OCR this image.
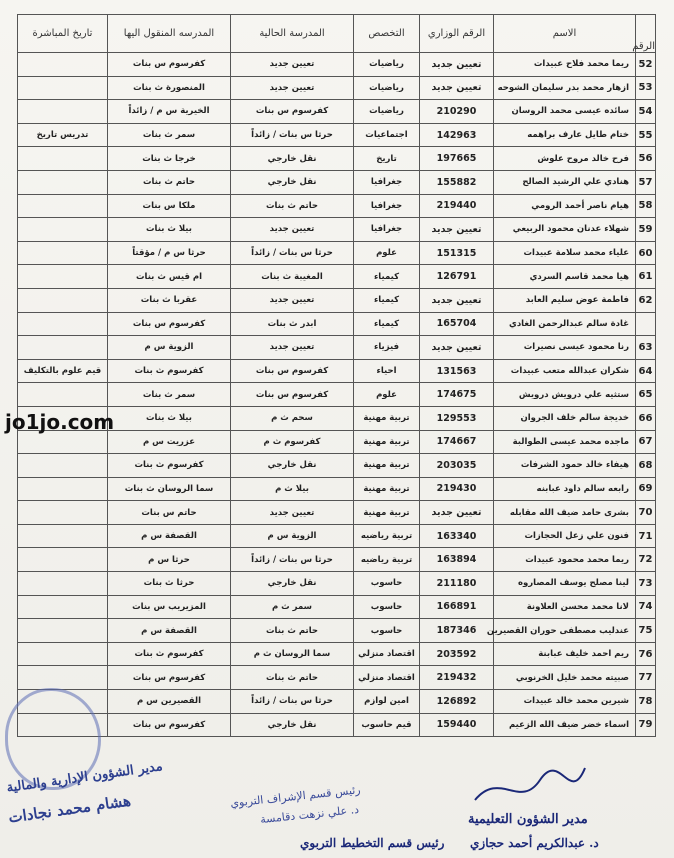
الرقم	الاسم	الرقم الوزاري	التخصص	المدرسة الحالية	المدرسه المنقول اليها	تاريخ المباشرة
52	ريما محمد فلاح عبيدات	تعيين جديد	رياضيات	تعيين جديد	كفرسوم س بنات	
53	ازهار محمد بدر سليمان الشوحه	تعيين جديد	رياضيات	تعيين جديد	المنصورة ث بنات	
54	سائده عيسى محمد الروسان	210290	رياضيات	كفرسوم س بنات	الخيرية س م / زائداً	
55	ختام طايل عارف براهمه	142963	اجتماعيات	حرثا س بنات / زائداً	سمر ث بنات	تدريس تاريخ
56	فرح خالد مروح علوش	197665	تاريخ	نقل خارجي	خرجا ث بنات	
57	هنادي علي الرشيد الصالح	155882	جغرافيا	نقل خارجي	حاتم ث بنات	
58	هيام ناصر أحمد الرومي	219440	جغرافيا	حاتم ث بنات	ملكا س بنات	
59	شهلاء عدنان محمود الربيعي	تعيين جديد	جغرافيا	تعيين جديد	بيلا ث بنات	
60	علياء محمد سلامة عبيدات	151315	علوم	حرثا س بنات / زائداً	حرثا س م / مؤقتاً	
61	هيا محمد قاسم السردي	126791	كيمياء	المغيبة ث بنات	ام قيس ث بنات	
62	فاطمة عوض سليم العابد	تعيين جديد	كيمياء	تعيين جديد	عقربا ث بنات	
	غادة سالم عبدالرحمن الغادي	165704	كيمياء	ابدر ث بنات	كفرسوم س بنات	
63	رنا محمود عيسى نصيرات	تعيين جديد	فيزياء	تعيين جديد	الزوية س م	
64	شكران عبدالله متعب عبيدات	131563	احياء	كفرسوم س بنات	كفرسوم ث بنات	قيم علوم بالتكليف
65	ستثيه علي درويش درويش	174675	علوم	كفرسوم س بنات	سمر ث بنات	
66	خديجة سالم خلف الجروان	129553	تربية مهنية	سحم ث م	بيلا ث بنات	
67	ماجده محمد عيسى الطوالبة	174667	تربية مهنية	كفرسوم ث م	عزريت س م	
68	هيفاء خالد حمود الشرفات	203035	تربية مهنية	نقل خارجي	كفرسوم ث بنات	
69	رابعه سالم داود عبابنه	219430	تربية مهنية	بيلا ث م	سما الروسان ث بنات	
70	بشرى حامد ضيف الله مقابله	تعيين جديد	تربية مهنية	تعيين جديد	حاتم س بنات	
71	فنون علي زعل الحجازات	163340	تربية رياضيه	الزوية س م	القصفة س م	
72	ريما محمد محمود عبيدات	163894	تربية رياضيه	حرثا س بنات / زائداً	حرثا س م	
73	لينا مصلح يوسف المصاروه	211180	حاسوب	نقل خارجي	حرثا ث بنات	
74	لانا محمد محسن العلاونة	166891	حاسوب	سمر ث م	المزيريب س بنات	
75	عندليب مصطفى حوران القصيرين	187346	حاسوب	حاتم ث بنات	القصفة س م	
76	ريم احمد خليف عبابنة	203592	اقتصاد منزلي	سما الروسان ث م	كفرسوم ث بنات	
77	صبيته محمد خليل الخرنوبي	219432	اقتصاد منزلي	حاتم ث بنات	كفرسوم س بنات	
78	شيرين محمد خالد عبيدات	126892	امين لوازم	حرثا س بنات / زائداً	القصيرين س م	
79	اسماء خضر ضيف الله الزعيم	159440	قيم حاسوب	نقل خارجي	كفرسوم س بنات	
jo1jo.com
مدير الشؤون الإدارية والمالية
هشام محمد نجادات	رئيس قسم الإشراف التربوي
د. علي نزهت دقامسة
رئيس قسم التخطيط التربوي
مدير الشؤون التعليمية
د. عبدالكريم أحمد حجازي
